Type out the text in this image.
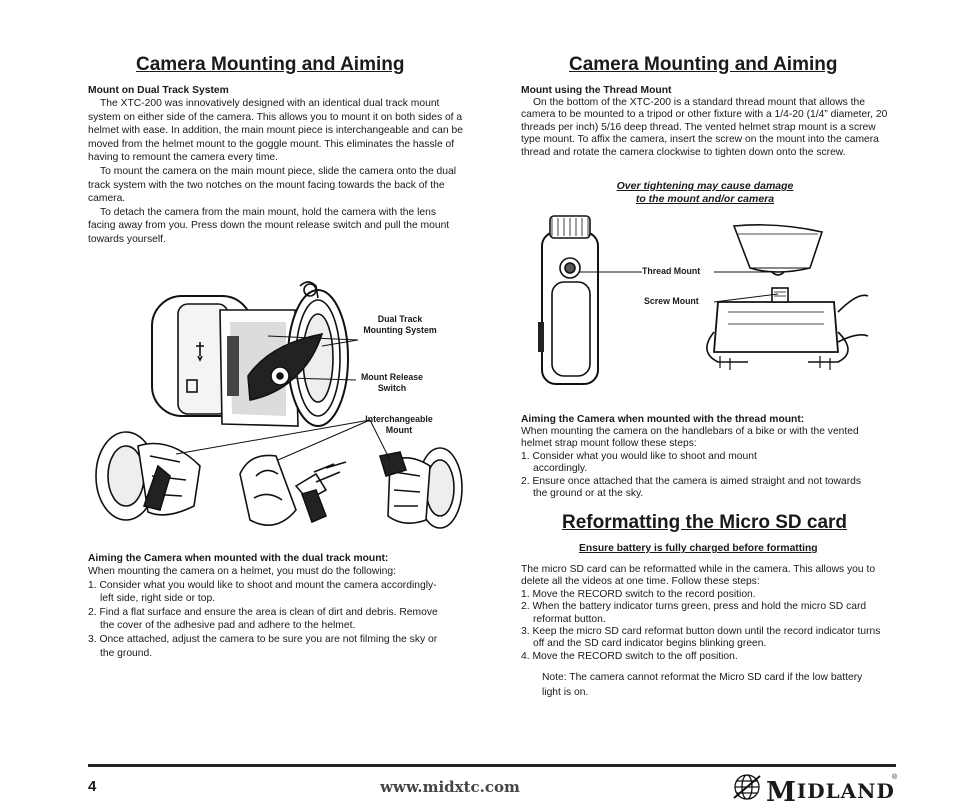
Camera Mounting and Aiming
Mount on Dual Track System

The XTC-200 was innovatively designed with an identical dual track mount system on either side of the camera. This allows you to mount it on both sides of a helmet with ease. In addition, the main mount piece is interchangeable and can be moved from the helmet mount to the goggle mount. This eliminates the hassle of having to remount the camera every time.

To mount the camera on the main mount piece, slide the camera onto the dual track system with the two notches on the mount facing towards the back of the camera.

To detach the camera from the main mount, hold the camera with the lens facing away from you. Press down the mount release switch and pull the mount towards yourself.

Dual Track
Mounting System
Mount Release
Switch
Interchangeable
Mount
Aiming the Camera when mounted with the dual track mount:

When mounting the camera on a helmet, you must do the following:

1. Consider what you would like to shoot and mount the camera accordingly- left side, right side or top.

2. Find a flat surface and ensure the area is clean of dirt and debris. Remove the cover of the adhesive pad and adhere to the helmet.

3. Once attached, adjust the camera to be sure you are not filming the sky or the ground.

Camera Mounting and Aiming
Mount using the Thread Mount

On the bottom of the XTC-200 is a standard thread mount that allows the camera to be mounted to a tripod or other fixture with a 1/4-20 (1/4” diameter, 20 threads per inch) 5/16 deep thread. The vented helmet strap mount is a screw type mount. To affix the camera, insert the screw on the mount into the camera thread and rotate the camera clockwise to tighten down onto the screw.

Over tightening may cause damage
to the mount and/or camera
Thread Mount
Screw Mount
Aiming the Camera when mounted with the thread mount:

When mounting the camera on the handlebars of a bike or with the vented helmet strap mount follow these steps:

1. Consider what you would like to shoot and mount accordingly.

2. Ensure once attached that the camera is aimed straight and not towards the ground or at the sky.

Reformatting the Micro SD card
Ensure battery is fully charged before formatting

The micro SD card can be reformatted while in the camera. This allows you to delete all the videos at one time. Follow these steps:

1. Move the RECORD switch to the record position.

2. When the battery indicator turns green, press and hold the micro SD card reformat button.

3. Keep the micro SD card reformat button down until the record indicator turns off and the SD card indicator begins blinking green.

4. Move the RECORD switch to the off position.

Note: The camera cannot reformat the Micro SD card if the low battery light is on.
4	www.midxtc.com	MIDLAND
®
